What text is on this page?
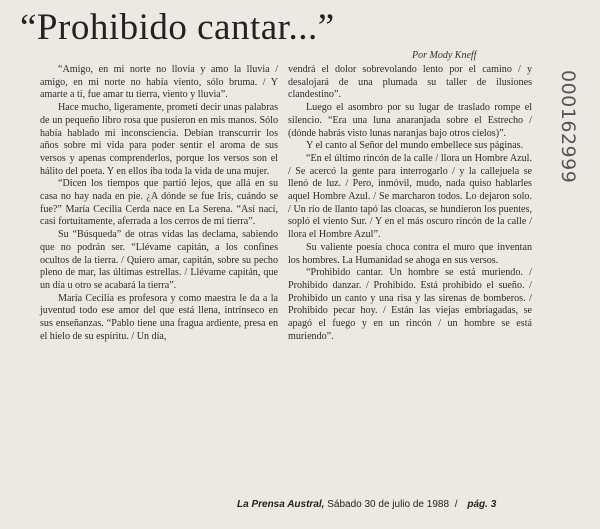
“Prohibido cantar...”
Por Mody Kneff

“Amigo, en mi norte no llovía y amo la lluvia / amigo, en mi norte no había viento, sólo bruma. / Y amarte a tí, fue amar tu tierra, viento y lluvia”.

Hace mucho, ligeramente, prometí decir unas palabras de un pequeño libro rosa que pusieron en mis manos. Sólo había hablado mi inconsciencia. Debían transcurrir los años sobre mi vida para poder sentir el aroma de sus versos y apenas comprenderlos, porque los versos son el hálito del poeta. Y en ellos iba toda la vida de una mujer.

“Dicen los tiempos que partió lejos, que allá en su casa no hay nada en pie. ¿A dónde se fue Iris, cuándo se fue?” María Cecilia Cerda nace en La Serena. “Así nací, casi fortuitamente, aferrada a los cerros de mi tierra”.

Su “Búsqueda” de otras vidas las declama, sabiendo que no podrán ser. “Llévame capitán, a los confines ocultos de la tierra. / Quiero amar, capitán, sobre su pecho pleno de mar, las últimas estrellas. / Llévame capitán, que un día u otro se acabará la tierra”.

María Cecilia es profesora y como maestra le da a la juventud todo ese amor del que está llena, intrínseco en sus enseñanzas. “Pablo tiene una fragua ardiente, presa en el hielo de su espíritu. / Un día,

vendrá el dolor sobrevolando lento por el camino / y desalojará de una plumada su taller de ilusiones clandestino”.

Luego el asombro por su lugar de traslado rompe el silencio. “Era una luna anaranjada sobre el Estrecho / (dónde habrás visto lunas naranjas bajo otros cielos)”.

Y el canto al Señor del mundo embellece sus páginas.

“En el último rincón de la calle / llora un Hombre Azul. / Se acercó la gente para interrogarlo / y la callejuela se llenó de luz. / Pero, inmóvil, mudo, nada quiso hablarles aquel Hombre Azul. / Se marcharon todos. Lo dejaron solo. / Un río de llanto tapó las cloacas, se hundieron los puentes, sopló el viento Sur. / Y en el más oscuro rincón de la calle / llora el Hombre Azul”.

Su valiente poesía choca contra el muro que inventan los hombres. La Humanidad se ahoga en sus versos.

“Prohibido cantar. Un hombre se está muriendo. / Prohibido danzar. / Prohibido. Está prohibido el sueño. / Prohibido un canto y una risa y las sirenas de bomberos. / Prohibido pecar hoy. / Están las viejas embriagadas, se apagó el fuego y en un rincón / un hombre se está muriendo”.

000162999
La Prensa Austral, Sábado 30 de julio de 1988 / pág. 3
